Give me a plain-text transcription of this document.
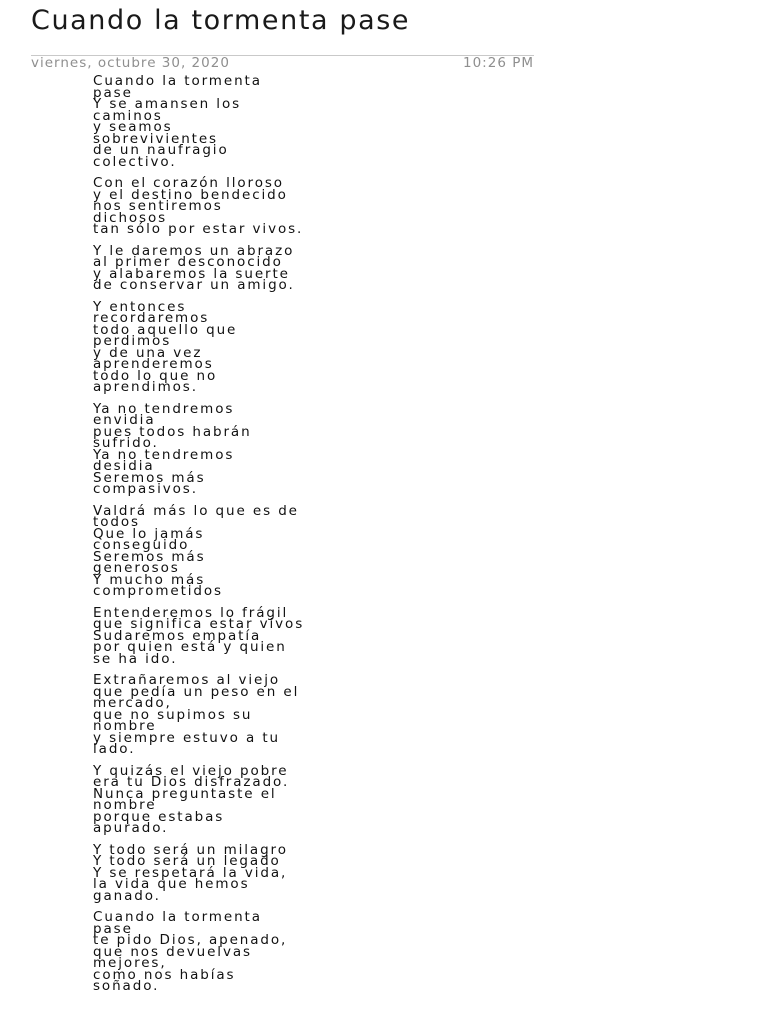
Cuando la tormenta pase
viernes, octubre 30, 2020	10:26 PM
Cuando la tormenta
pase
Y se amansen los
caminos
y seamos
sobrevivientes
de un naufragio
colectivo.
Con el corazón lloroso
y el destino bendecido
nos sentiremos
dichosos
tan sólo por estar vivos.
Y le daremos un abrazo
al primer desconocido
y alabaremos la suerte
de conservar un amigo.
Y entonces
recordaremos
todo aquello que
perdimos
y de una vez
aprenderemos
todo lo que no
aprendimos.
Ya no tendremos
envidia
pues todos habrán
sufrido.
Ya no tendremos
desidia
Seremos más
compasivos.
Valdrá más lo que es de
todos
Que lo jamás
conseguido
Seremos más
generosos
Y mucho más
comprometidos
Entenderemos lo frágil
que significa estar vivos
Sudaremos empatía
por quien está y quien
se ha ido.
Extrañaremos al viejo
que pedía un peso en el
mercado,
que no supimos su
nombre
y siempre estuvo a tu
lado.
Y quizás el viejo pobre
era tu Dios disfrazado.
Nunca preguntaste el
nombre
porque estabas
apurado.
Y todo será un milagro
Y todo será un legado
Y se respetará la vida,
la vida que hemos
ganado.
Cuando la tormenta
pase
te pido Dios, apenado,
que nos devuelvas
mejores,
como nos habías
soñado.
